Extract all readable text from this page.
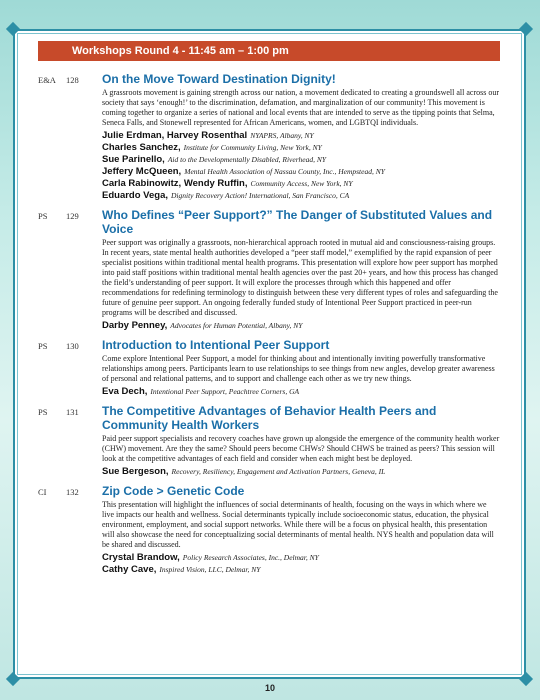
Workshops Round 4 - 11:45 am – 1:00 pm
E&A	128	On the Move Toward Destination Dignity!
A grassroots movement is gaining strength across our nation, a movement dedicated to creating a groundswell all across our society that says ‘enough!’ to the discrimination, defamation, and marginalization of our community! This movement is coming together to organize a series of national and local events that are intended to serve as the tipping points that Selma, Seneca Falls, and Stonewell represented for African Americans, women, and LGBTQI individuals.
Julie Erdman, Harvey Rosenthal NYAPRS, Albany, NY
Charles Sanchez, Institute for Community Living, New York, NY
Sue Parinello, Aid to the Developmentally Disabled, Riverhead, NY
Jeffery McQueen, Mental Health Association of Nassau County, Inc., Hempstead, NY
Carla Rabinowitz, Wendy Ruffin, Community Access, New York, NY
Eduardo Vega, Dignity Recovery Action! International, San Francisco, CA
PS	129	Who Defines “Peer Support?” The Danger of Substituted Values and Voice
Peer support was originally a grassroots, non-hierarchical approach rooted in mutual aid and consciousness-raising groups. In recent years, state mental health authorities developed a “peer staff model,” exemplified by the rapid expansion of peer specialist positions within traditional mental health programs. This presentation will explore how peer support has morphed into paid staff positions within traditional mental health agencies over the past 20+ years, and how this process has changed the field’s understanding of peer support. It will explore the processes through which this happened and offer recommendations for redefining terminology to distinguish between these very different types of roles and safeguarding the future of genuine peer support. An ongoing federally funded study of Intentional Peer Support practiced in peer-run programs will be described and discussed.
Darby Penney, Advocates for Human Potential, Albany, NY
PS	130	Introduction to Intentional Peer Support
Come explore Intentional Peer Support, a model for thinking about and intentionally inviting powerfully transformative relationships among peers. Participants learn to use relationships to see things from new angles, develop greater awareness of personal and relational patterns, and to support and challenge each other as we try new things.
Eva Dech, Intentional Peer Support, Peachtree Corners, GA
PS	131	The Competitive Advantages of Behavior Health Peers and Community Health Workers
Paid peer support specialists and recovery coaches have grown up alongside the emergence of the community health worker (CHW) movement. Are they the same? Should peers become CHWs? Should CHWS be trained as peers? This session will look at the competitive advantages of each field and consider when each might best be deployed.
Sue Bergeson, Recovery, Resiliency, Engagement and Activation Partners, Geneva, IL
CI	132	Zip Code > Genetic Code
This presentation will highlight the influences of social determinants of health, focusing on the ways in which where we live impacts our health and wellness. Social determinants typically include socioeconomic status, education, the physical environment, employment, and social support networks. While there will be a focus on physical health, this presentation will also showcase the need for conceptualizing social determinants of mental health. NYS health and population data will be shared and discussed.
Crystal Brandow, Policy Research Associates, Inc., Delmar, NY
Cathy Cave, Inspired Vision, LLC, Delmar, NY
10
